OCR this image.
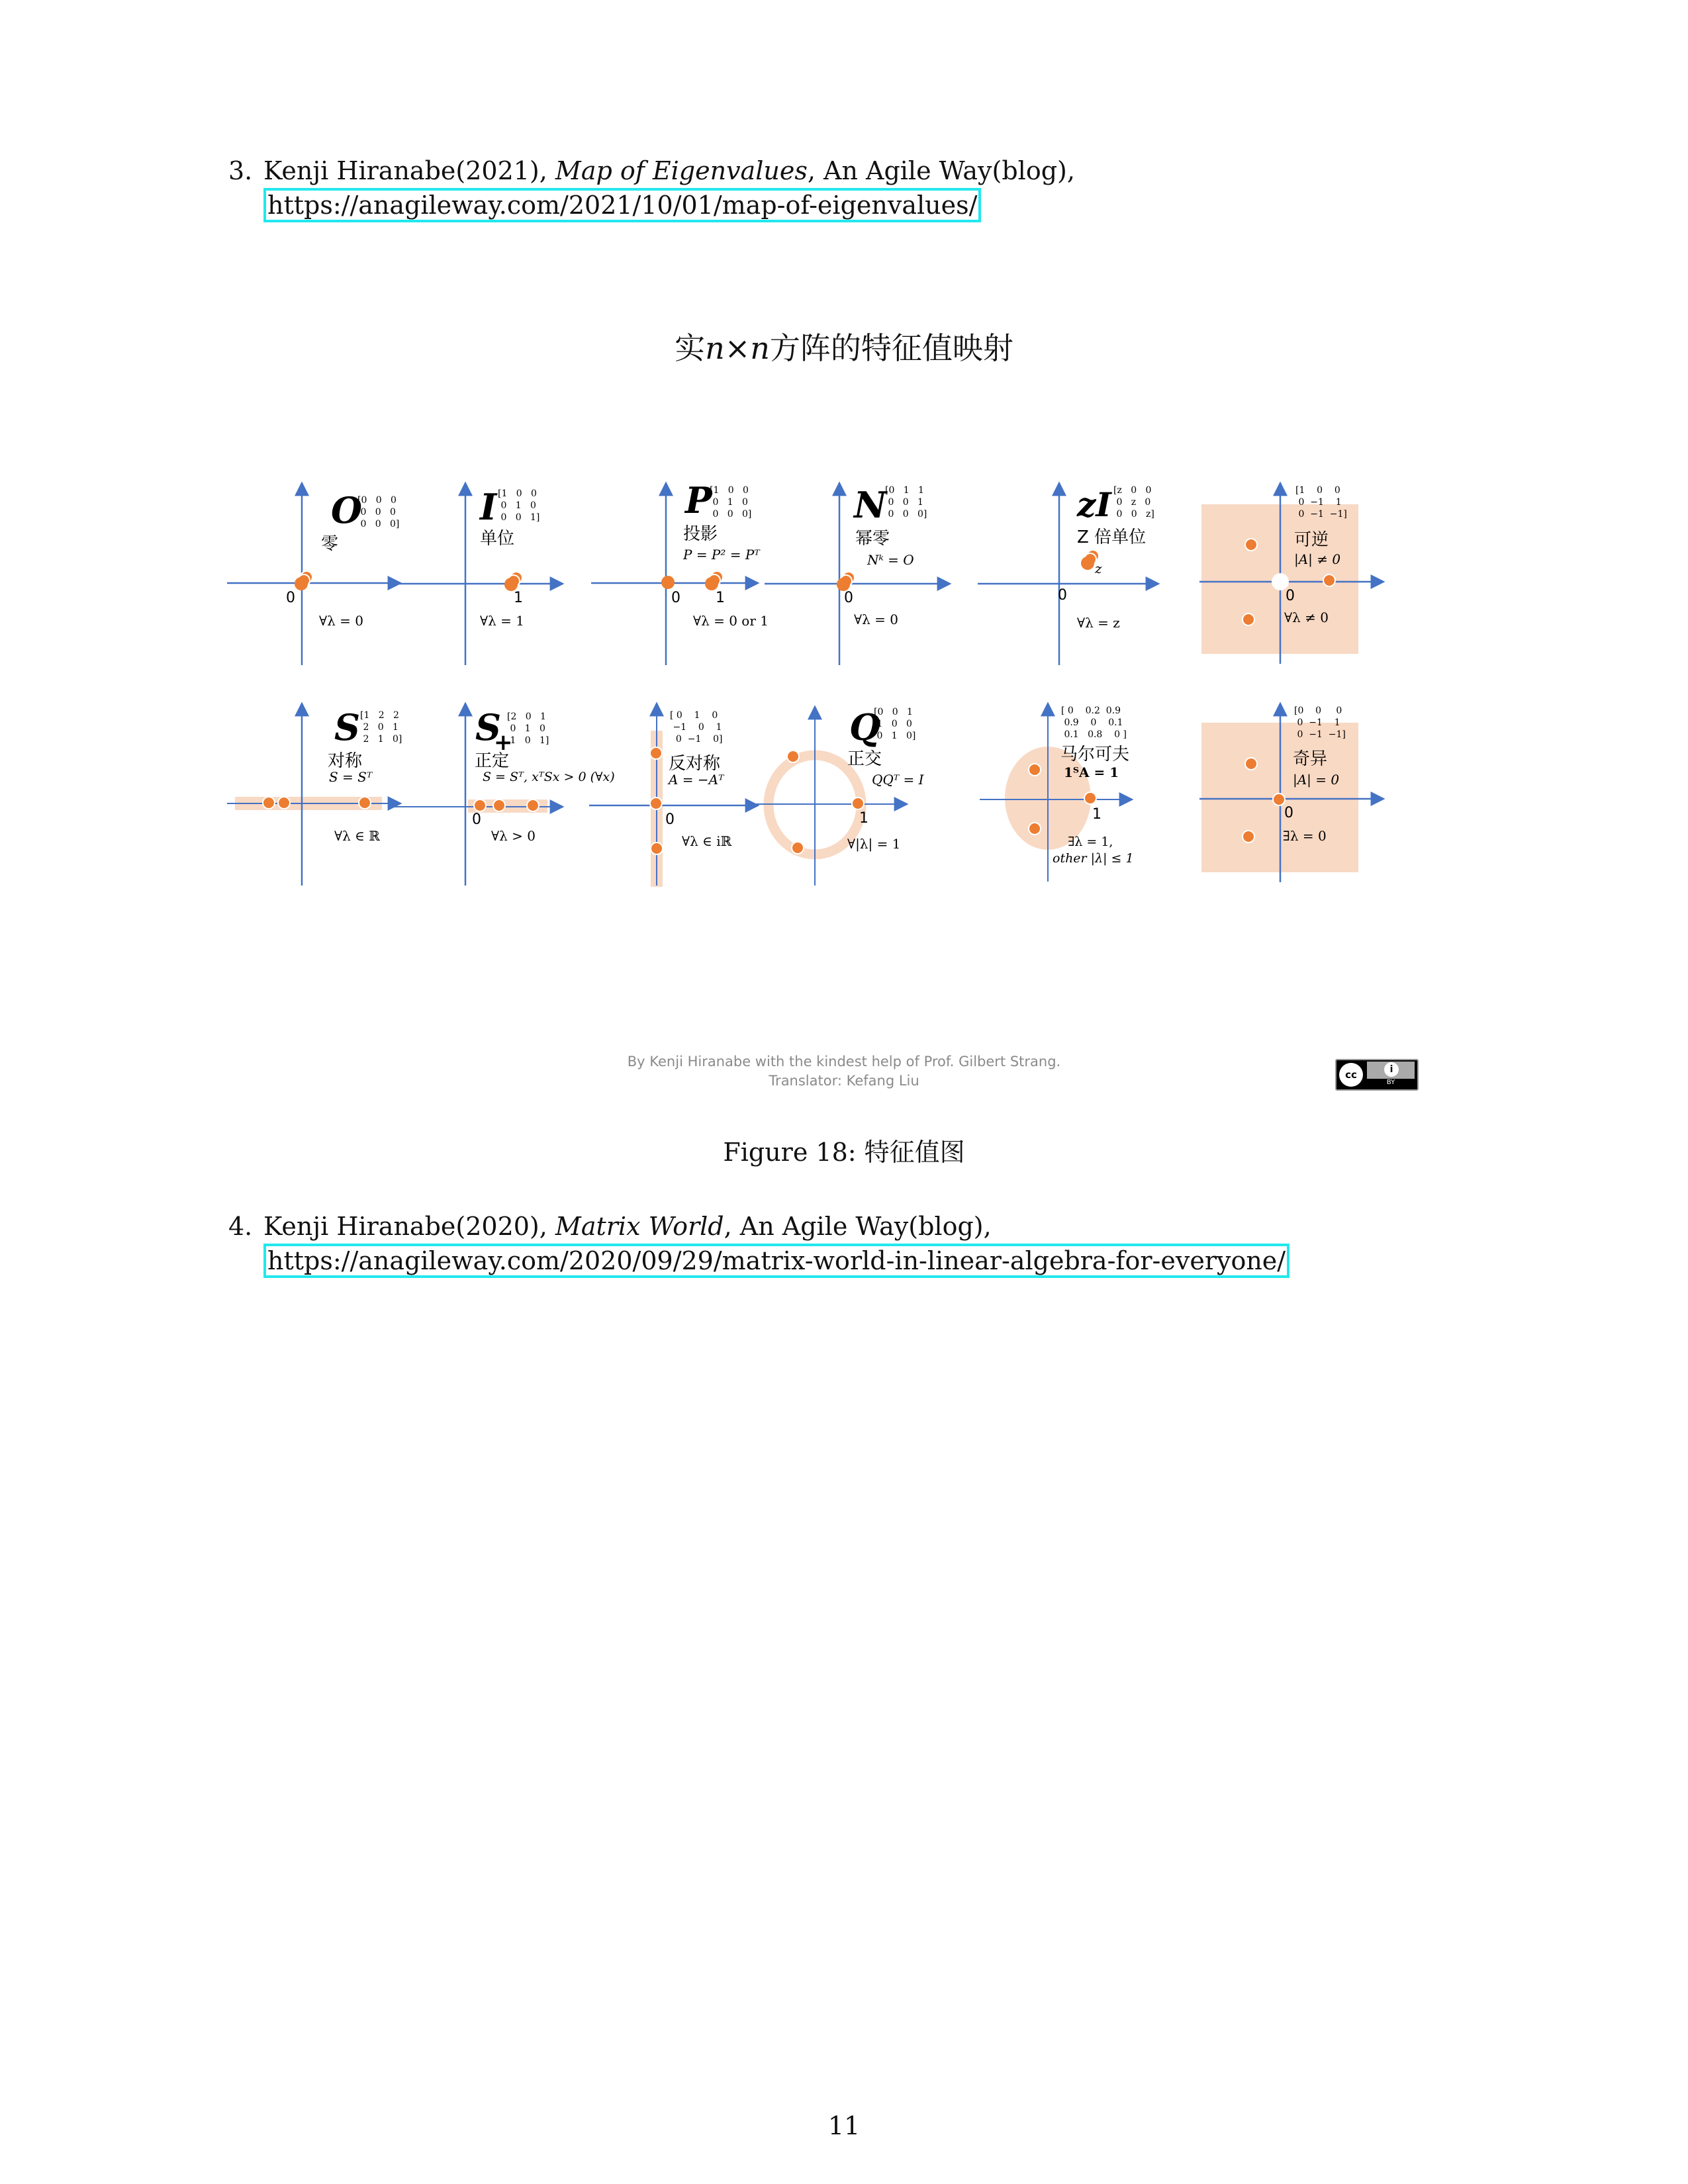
3. Kenji Hiranabe(2021), Map of Eigenvalues, An Agile Way(blog),
https://anagileway.com/2021/10/01/map-of-eigenvalues/
实n×n方阵的特征值映射
O
[0   0   0
0   0   0
0   0   0]
零
0
∀λ = 0
I [1   0   0
0   1   0
0   0   1]
单位
1
∀λ = 1
P
[1   0   0
0   1   0
0   0   0]
投影
P = P² = Pᵀ
0 1
∀λ = 0 or 1
N
[0   1   1
0   0   1
0   0   0]
幂零
Nᵏ = O
0
∀λ = 0
z
zI [z   0   0
0   z   0
0   0   z]
Z 倍单位
0
∀λ = z
[1    0    0
0  −1    1
0  −1  −1]
可逆
|A| ≠ 0
0
∀λ ≠ 0
S [1   2   2
2   0   1
2   1   0]
对称
S = Sᵀ
∀λ ∈ ℝ
S
+
[2   0   1
0   1   0
1   0   1]
正定
S = Sᵀ, xᵀSx > 0 (∀x)
0
∀λ > 0
[ 0    1    0
−1    0    1
0  −1    0]
反对称
A = −Aᵀ
0
∀λ ∈ iℝ
Q
[0   0   1
1   0   0
0   1   0]
正交
QQᵀ = I
1
∀|λ| = 1
[ 0    0.2  0.9
0.9    0    0.1
0.1   0.8    0 ]
马尔可夫
1ᵀA = 1
1
∃λ = 1,
other |λ| ≤ 1
[0    0     0
0  −1    1
0  −1  −1]
奇异
|A| = 0
0
∃λ = 0
By Kenji Hiranabe with the kindest help of Prof. Gilbert Strang.
Translator: Kefang Liu	cc	i
BY
Figure 18: 特征值图
4. Kenji Hiranabe(2020), Matrix World, An Agile Way(blog),
https://anagileway.com/2020/09/29/matrix-world-in-linear-algebra-for-everyone/
11
